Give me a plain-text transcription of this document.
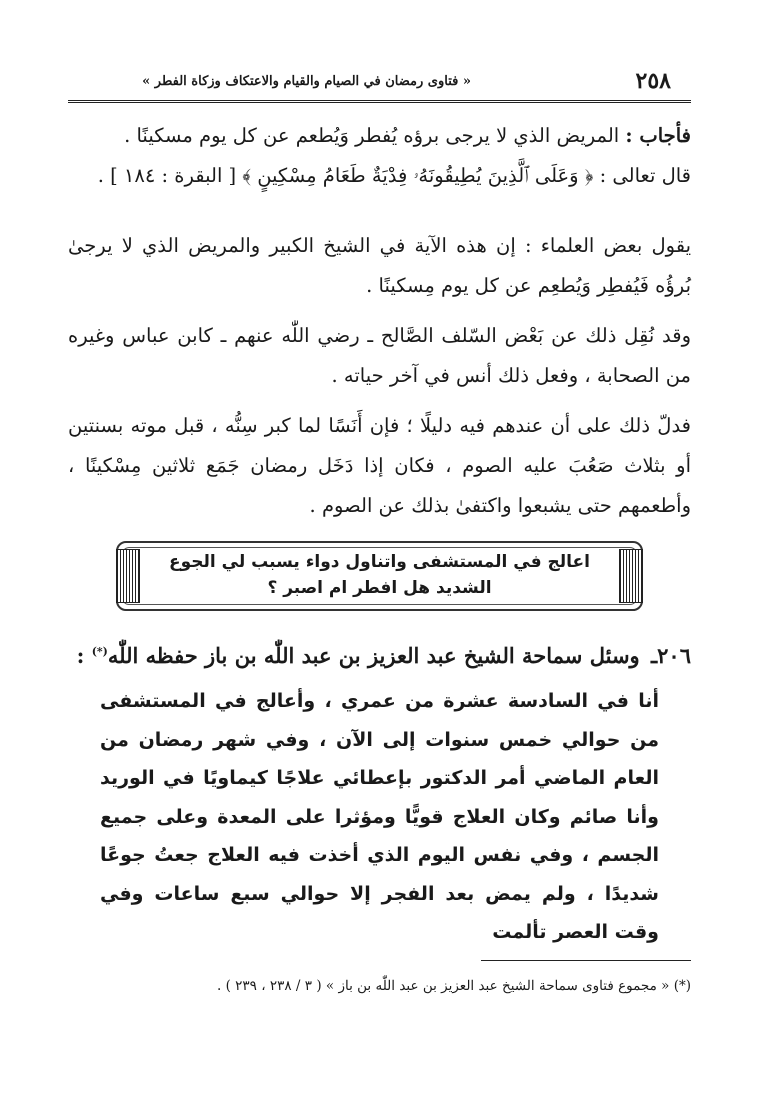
٢٥٨
« فتاوى رمضان في الصيام والقيام والاعتكاف وزكاة الفطر »
فأجاب : المريض الذي لا يرجى برؤه يُفطر وَيُطعم عن كل يوم مسكينًا .
قال تعالى : ﴿ وَعَلَى ٱلَّذِينَ يُطِيقُونَهُۥ فِدْيَةٌ طَعَامُ مِسْكِينٍ ﴾ [ البقرة : ١٨٤ ] .
يقول بعض العلماء : إن هذه الآية في الشيخ الكبير والمريض الذي لا يرجىٰ بُرؤُه فَيُفطِر وَيُطعِم عن كل يوم مِسكينًا .
وقد نُقِل ذلك عن بَعْض السّلف الصَّالح ـ رضي اللّٰه عنهم ـ كابن عباس وغيره من الصحابة ، وفعل ذلك أنس في آخر حياته .
فدلّ ذلك على أن عندهم فيه دليلًا ؛ فإن أَنَسًا لما كبر سِنُّه ، قبل موته بسنتين أو بثلاث صَعُبَ عليه الصوم ، فكان إذا دَخَل رمضان جَمَع ثلاثين مِسْكينًا ، وأطعمهم حتى يشبعوا واكتفىٰ بذلك عن الصوم .
اعالج في المستشفى واتناول دواء يسبب لي الجوع
الشديد هل افطر ام اصبر ؟
٢٠٦ـ وسئل سماحة الشيخ عبد العزيز بن عبد اللّٰه بن باز حفظه اللّٰه(*) :
أنا في السادسة عشرة من عمري ، وأعالج في المستشفى من حوالي خمس سنوات إلى الآن ، وفي شهر رمضان من العام الماضي أمر الدكتور بإعطائي علاجًا كيماويًا في الوريد وأنا صائم وكان العلاج قويًّا ومؤثرا على المعدة وعلى جميع الجسم ، وفي نفس اليوم الذي أخذت فيه العلاج جعتُ جوعًا شديدًا ، ولم يمض بعد الفجر إلا حوالي سبع ساعات وفي وقت العصر تألمت
(*) « مجموع فتاوى سماحة الشيخ عبد العزيز بن عبد اللّٰه بن باز » ( ٣ / ٢٣٨ ، ٢٣٩ ) .
